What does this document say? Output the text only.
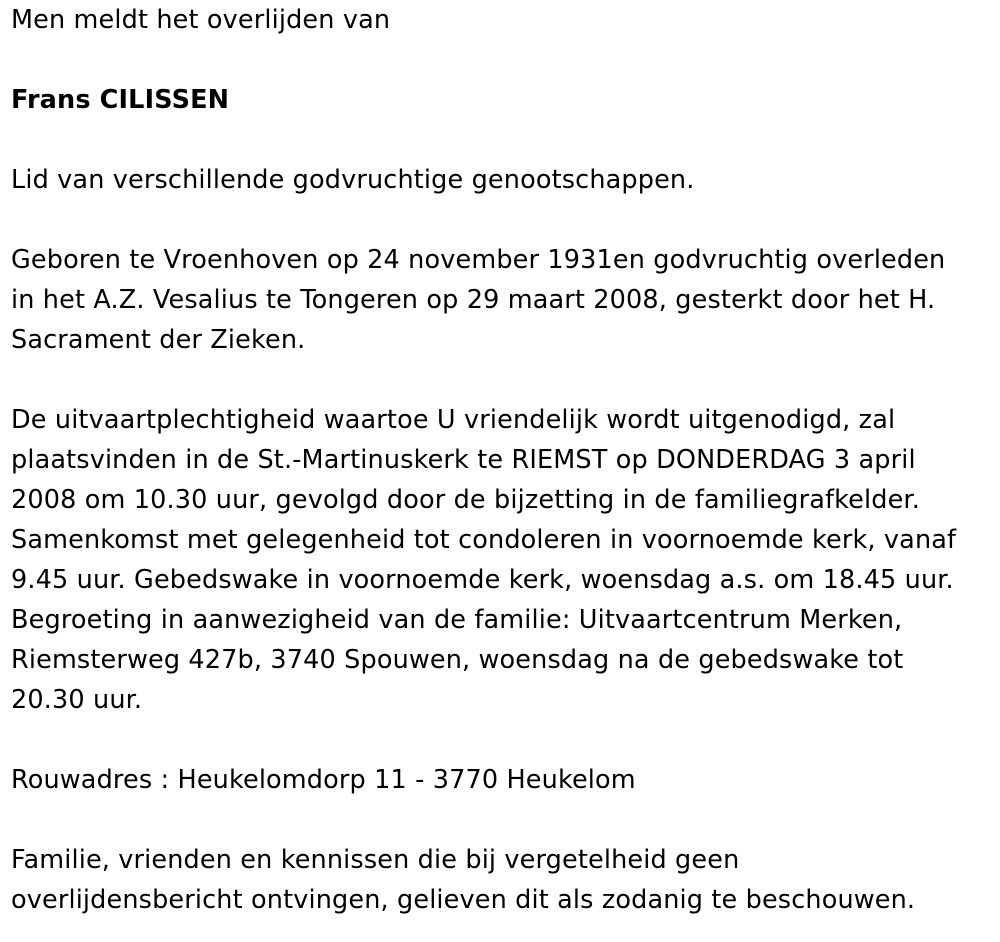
Men meldt het overlijden van
Frans CILISSEN
Lid van verschillende godvruchtige genootschappen.
Geboren te Vroenhoven op 24 november 1931en godvruchtig overleden
in het A.Z. Vesalius te Tongeren op 29 maart 2008, gesterkt door het H.
Sacrament der Zieken.
De uitvaartplechtigheid waartoe U vriendelijk wordt uitgenodigd, zal
plaatsvinden in de St.-Martinuskerk te RIEMST op DONDERDAG 3 april
2008 om 10.30 uur, gevolgd door de bijzetting in de familiegrafkelder.
Samenkomst met gelegenheid tot condoleren in voornoemde kerk, vanaf
9.45 uur. Gebedswake in voornoemde kerk, woensdag a.s. om 18.45 uur.
Begroeting in aanwezigheid van de familie: Uitvaartcentrum Merken,
Riemsterweg 427b, 3740 Spouwen, woensdag na de gebedswake tot
20.30 uur.
Rouwadres : Heukelomdorp 11 - 3770 Heukelom
Familie, vrienden en kennissen die bij vergetelheid geen
overlijdensbericht ontvingen, gelieven dit als zodanig te beschouwen.
